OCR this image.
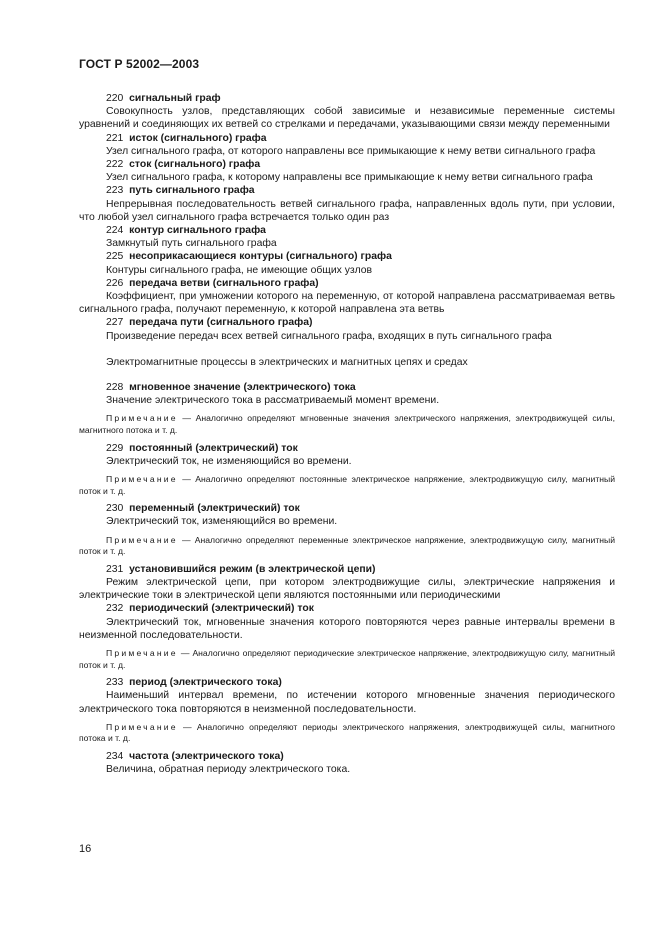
ГОСТ Р 52002—2003
220 сигнальный граф
Совокупность узлов, представляющих собой зависимые и независимые переменные системы уравнений и соединяющих их ветвей со стрелками и передачами, указывающими связи между переменными
221 исток (сигнального) графа
Узел сигнального графа, от которого направлены все примыкающие к нему ветви сигнального графа
222 сток (сигнального) графа
Узел сигнального графа, к которому направлены все примыкающие к нему ветви сигнального графа
223 путь сигнального графа
Непрерывная последовательность ветвей сигнального графа, направленных вдоль пути, при условии, что любой узел сигнального графа встречается только один раз
224 контур сигнального графа
Замкнутый путь сигнального графа
225 несоприкасающиеся контуры (сигнального) графа
Контуры сигнального графа, не имеющие общих узлов
226 передача ветви (сигнального графа)
Коэффициент, при умножении которого на переменную, от которой направлена рассматриваемая ветвь сигнального графа, получают переменную, к которой направлена эта ветвь
227 передача пути (сигнального графа)
Произведение передач всех ветвей сигнального графа, входящих в путь сигнального графа
Электромагнитные процессы в электрических и магнитных цепях и средах
228 мгновенное значение (электрического) тока
Значение электрического тока в рассматриваемый момент времени.
Примечание — Аналогично определяют мгновенные значения электрического напряжения, электродвижущей силы, магнитного потока и т. д.
229 постоянный (электрический) ток
Электрический ток, не изменяющийся во времени.
Примечание — Аналогично определяют постоянные электрическое напряжение, электродвижущую силу, магнитный поток и т. д.
230 переменный (электрический) ток
Электрический ток, изменяющийся во времени.
Примечание — Аналогично определяют переменные электрическое напряжение, электродвижущую силу, магнитный поток и т. д.
231 установившийся режим (в электрической цепи)
Режим электрической цепи, при котором электродвижущие силы, электрические напряжения и электрические токи в электрической цепи являются постоянными или периодическими
232 периодический (электрический) ток
Электрический ток, мгновенные значения которого повторяются через равные интервалы времени в неизменной последовательности.
Примечание — Аналогично определяют периодические электрическое напряжение, электродвижущую силу, магнитный поток и т. д.
233 период (электрического тока)
Наименьший интервал времени, по истечении которого мгновенные значения периодического электрического тока повторяются в неизменной последовательности.
Примечание — Аналогично определяют периоды электрического напряжения, электродвижущей силы, магнитного потока и т. д.
234 частота (электрического тока)
Величина, обратная периоду электрического тока.
16
